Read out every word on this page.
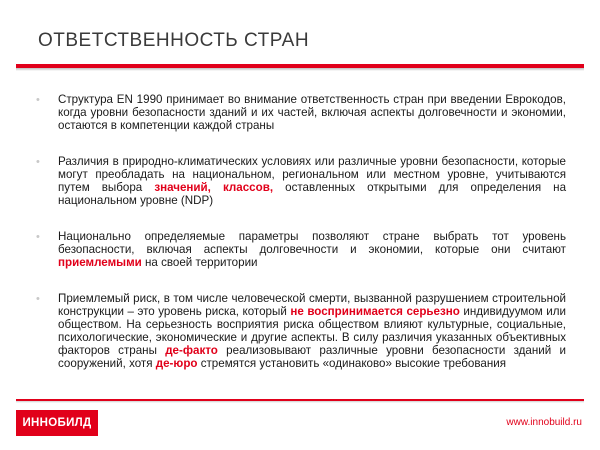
ОТВЕТСТВЕННОСТЬ СТРАН
• Структура EN 1990 принимает во внимание ответственность стран при введении Еврокодов, когда уровни безопасности зданий и их частей, включая аспекты долговечности и экономии, остаются в компетенции каждой страны
• Различия в природно-климатических условиях или различные уровни безопасности, которые могут преобладать на национальном, региональном или местном уровне, учитываются путем выбора значений, классов, оставленных открытыми для определения на национальном уровне (NDP)
• Национально определяемые параметры позволяют стране выбрать тот уровень безопасности, включая аспекты долговечности и экономии, которые они считают приемлемыми на своей территории
• Приемлемый риск, в том числе человеческой смерти, вызванной разрушением строительной конструкции – это уровень риска, который не воспринимается серьезно индивидуумом или обществом. На серьезность восприятия риска обществом влияют культурные, социальные, психологические, экономические и другие аспекты. В силу различия указанных объективных факторов страны де-факто реализовывают различные уровни безопасности зданий и сооружений, хотя де-юро стремятся установить «одинаково» высокие требования
ИННОБИЛД	www.innobuild.ru
